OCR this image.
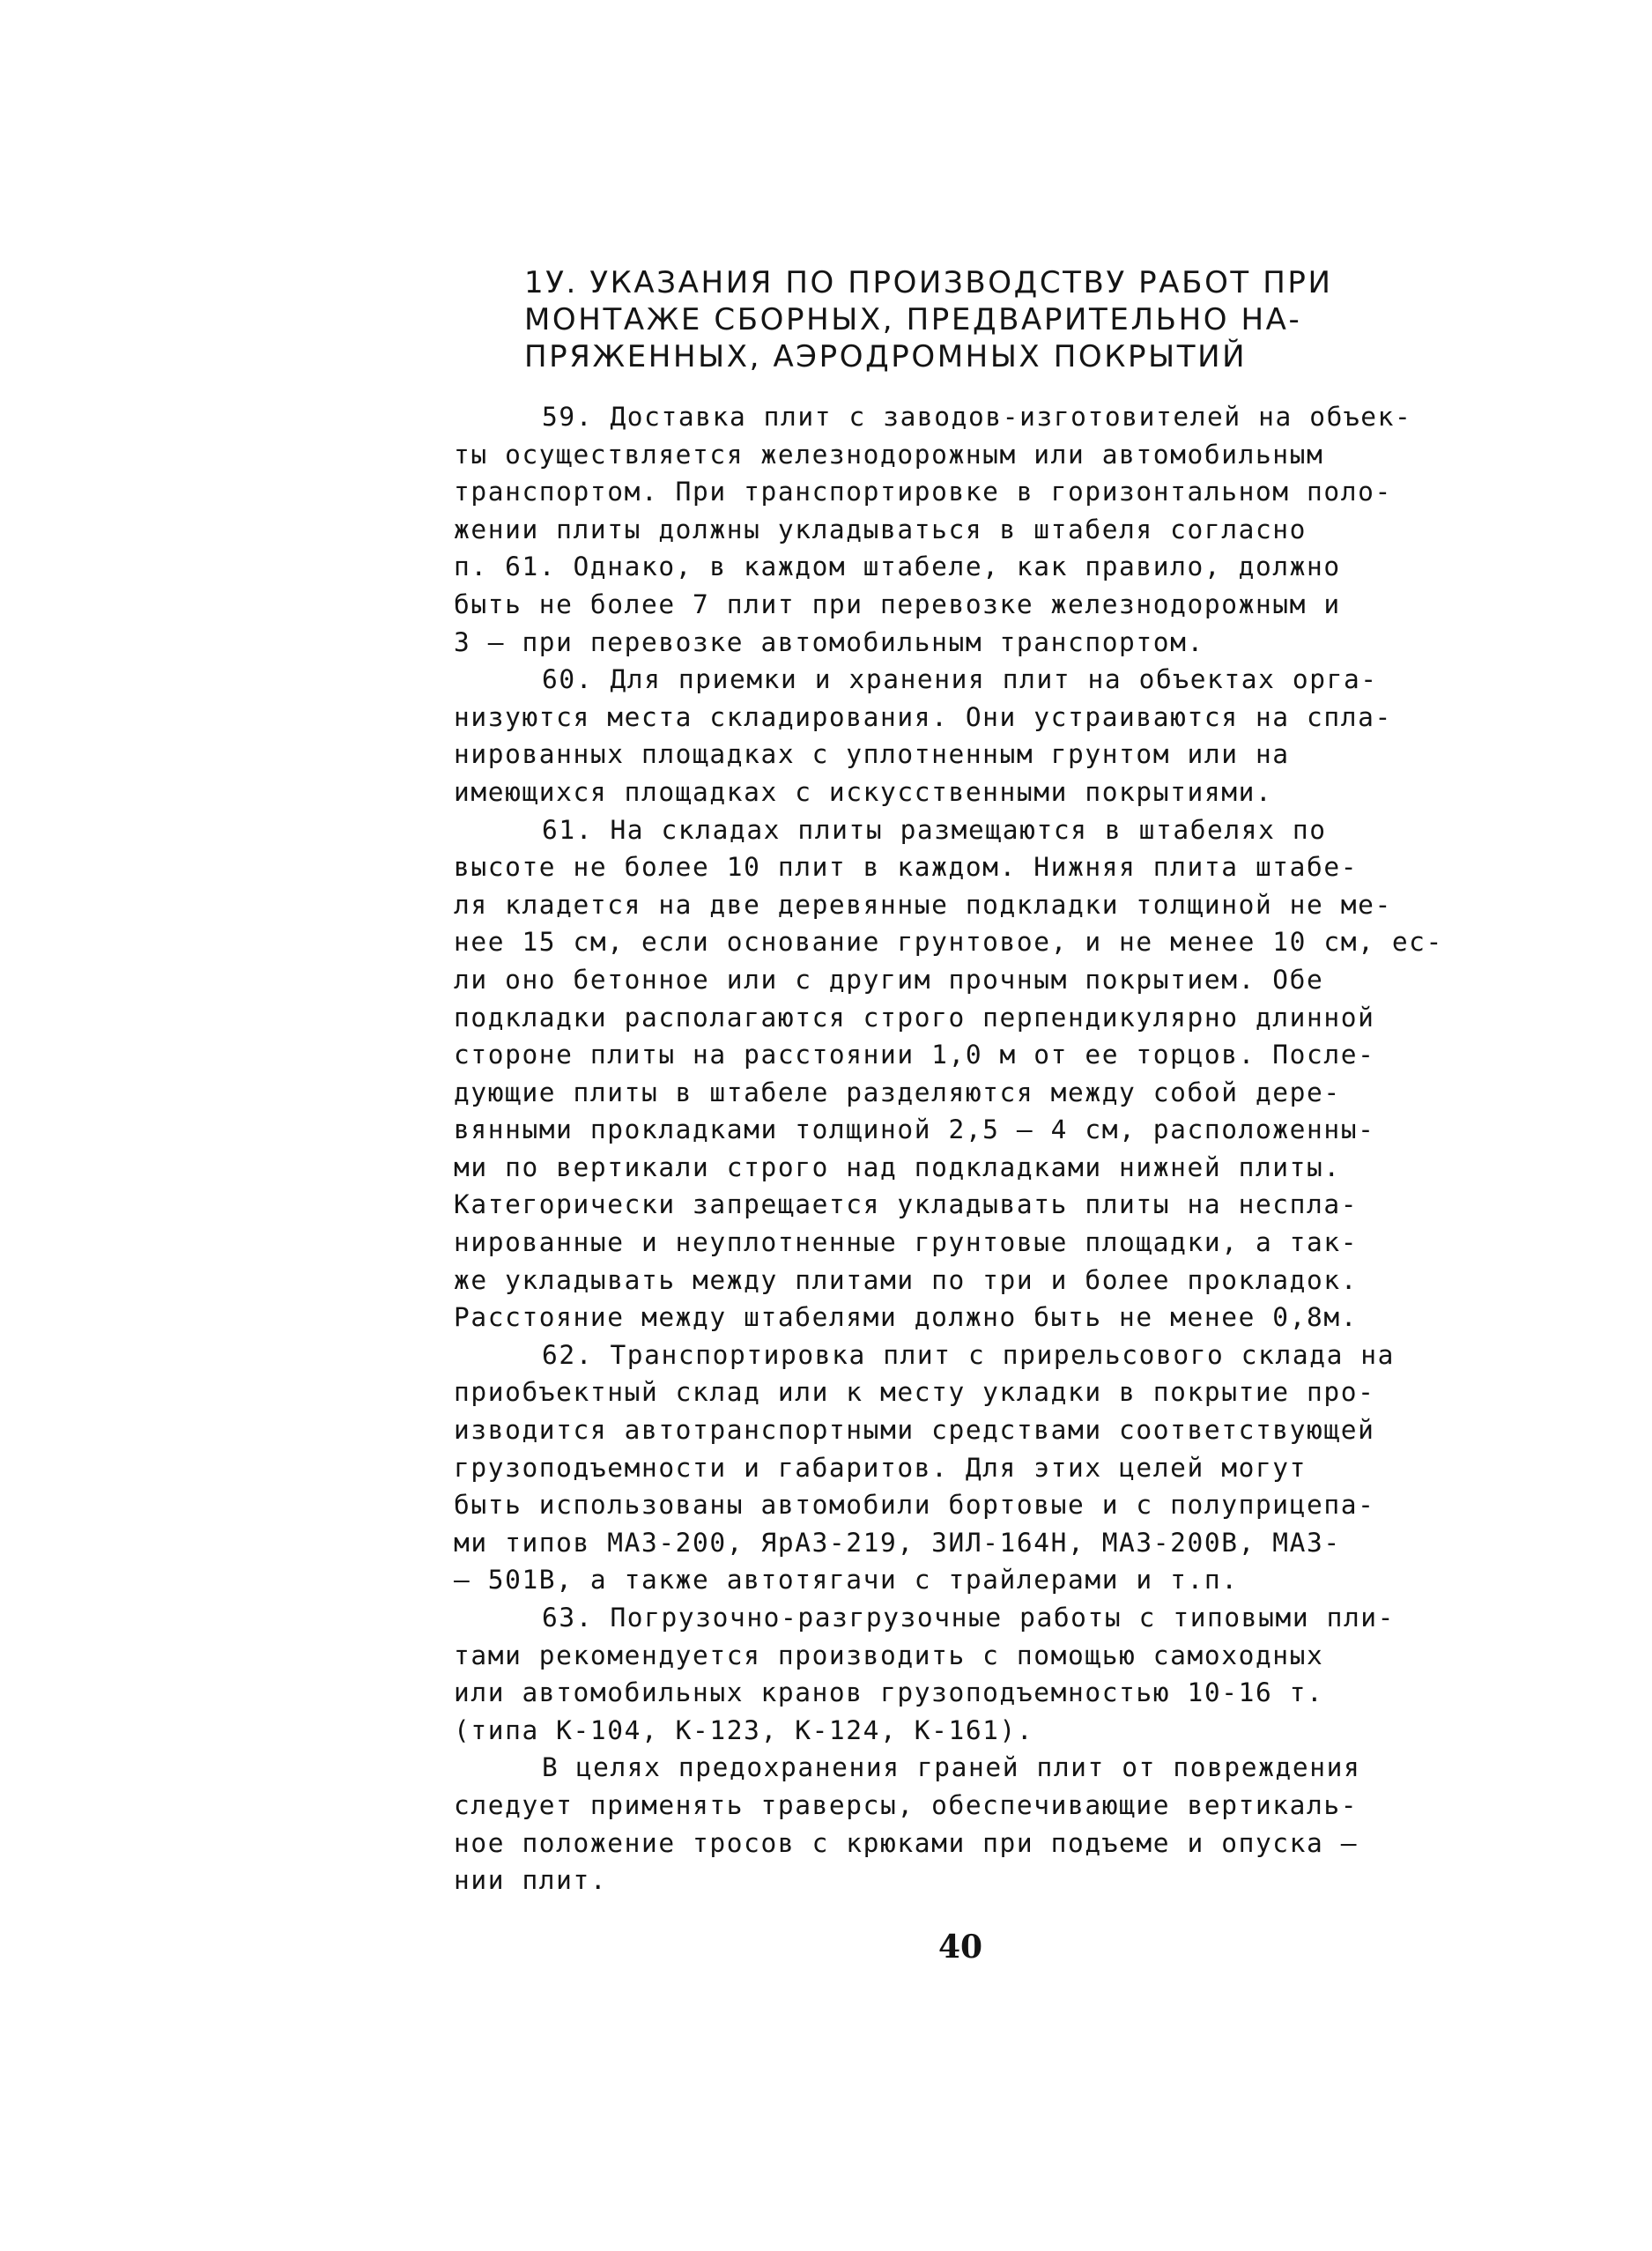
1У. УКАЗАНИЯ ПО ПРОИЗВОДСТВУ РАБОТ ПРИ
МОНТАЖЕ СБОРНЫХ, ПРЕДВАРИТЕЛЬНО НА-
ПРЯЖЕННЫХ, АЭРОДРОМНЫХ ПОКРЫТИЙ
59. Доставка плит с заводов-изготовителей на объек-
ты осуществляется железнодорожным или автомобильным
транспортом. При транспортировке в горизонтальном поло-
жении плиты должны укладываться в штабеля согласно
п. 61. Однако, в каждом штабеле, как правило, должно
быть не более 7 плит при перевозке железнодорожным и
3 – при перевозке автомобильным транспортом.
60. Для приемки и хранения плит на объектах орга-
низуются места складирования. Они устраиваются на спла-
нированных площадках с уплотненным грунтом или на
имеющихся площадках с искусственными покрытиями.
61. На складах плиты размещаются в штабелях по
высоте не более 10 плит в каждом. Нижняя плита штабе-
ля кладется на две деревянные подкладки толщиной не ме-
нее 15 см, если основание грунтовое, и не менее 10 см, ес-
ли оно бетонное или с другим прочным покрытием. Обе
подкладки располагаются строго перпендикулярно длинной
стороне плиты на расстоянии 1,0 м от ее торцов. После-
дующие плиты в штабеле разделяются между собой дере-
вянными прокладками толщиной 2,5 – 4 см, расположенны-
ми по вертикали строго над подкладками нижней плиты.
Категорически запрещается укладывать плиты на неспла-
нированные и неуплотненные грунтовые площадки, а так-
же укладывать между плитами по три и более прокладок.
Расстояние между штабелями должно быть не менее 0,8м.
62. Транспортировка плит с прирельсового склада на
приобъектный склад или к месту укладки в покрытие про-
изводится автотранспортными средствами соответствующей
грузоподъемности и габаритов. Для этих целей могут
быть использованы автомобили бортовые и с полуприцепа-
ми типов МАЗ-200, ЯрАЗ-219, ЗИЛ-164Н, МАЗ-200В, МАЗ-
– 501В, а также автотягачи с трайлерами и т.п.
63. Погрузочно-разгрузочные работы с типовыми пли-
тами рекомендуется производить с помощью самоходных
или автомобильных кранов грузоподъемностью 10-16 т.
(типа К-104, К-123, К-124, К-161).
В целях предохранения граней плит от повреждения
следует применять траверсы, обеспечивающие вертикаль-
ное положение тросов с крюками при подъеме и опуска –
нии плит.
40
